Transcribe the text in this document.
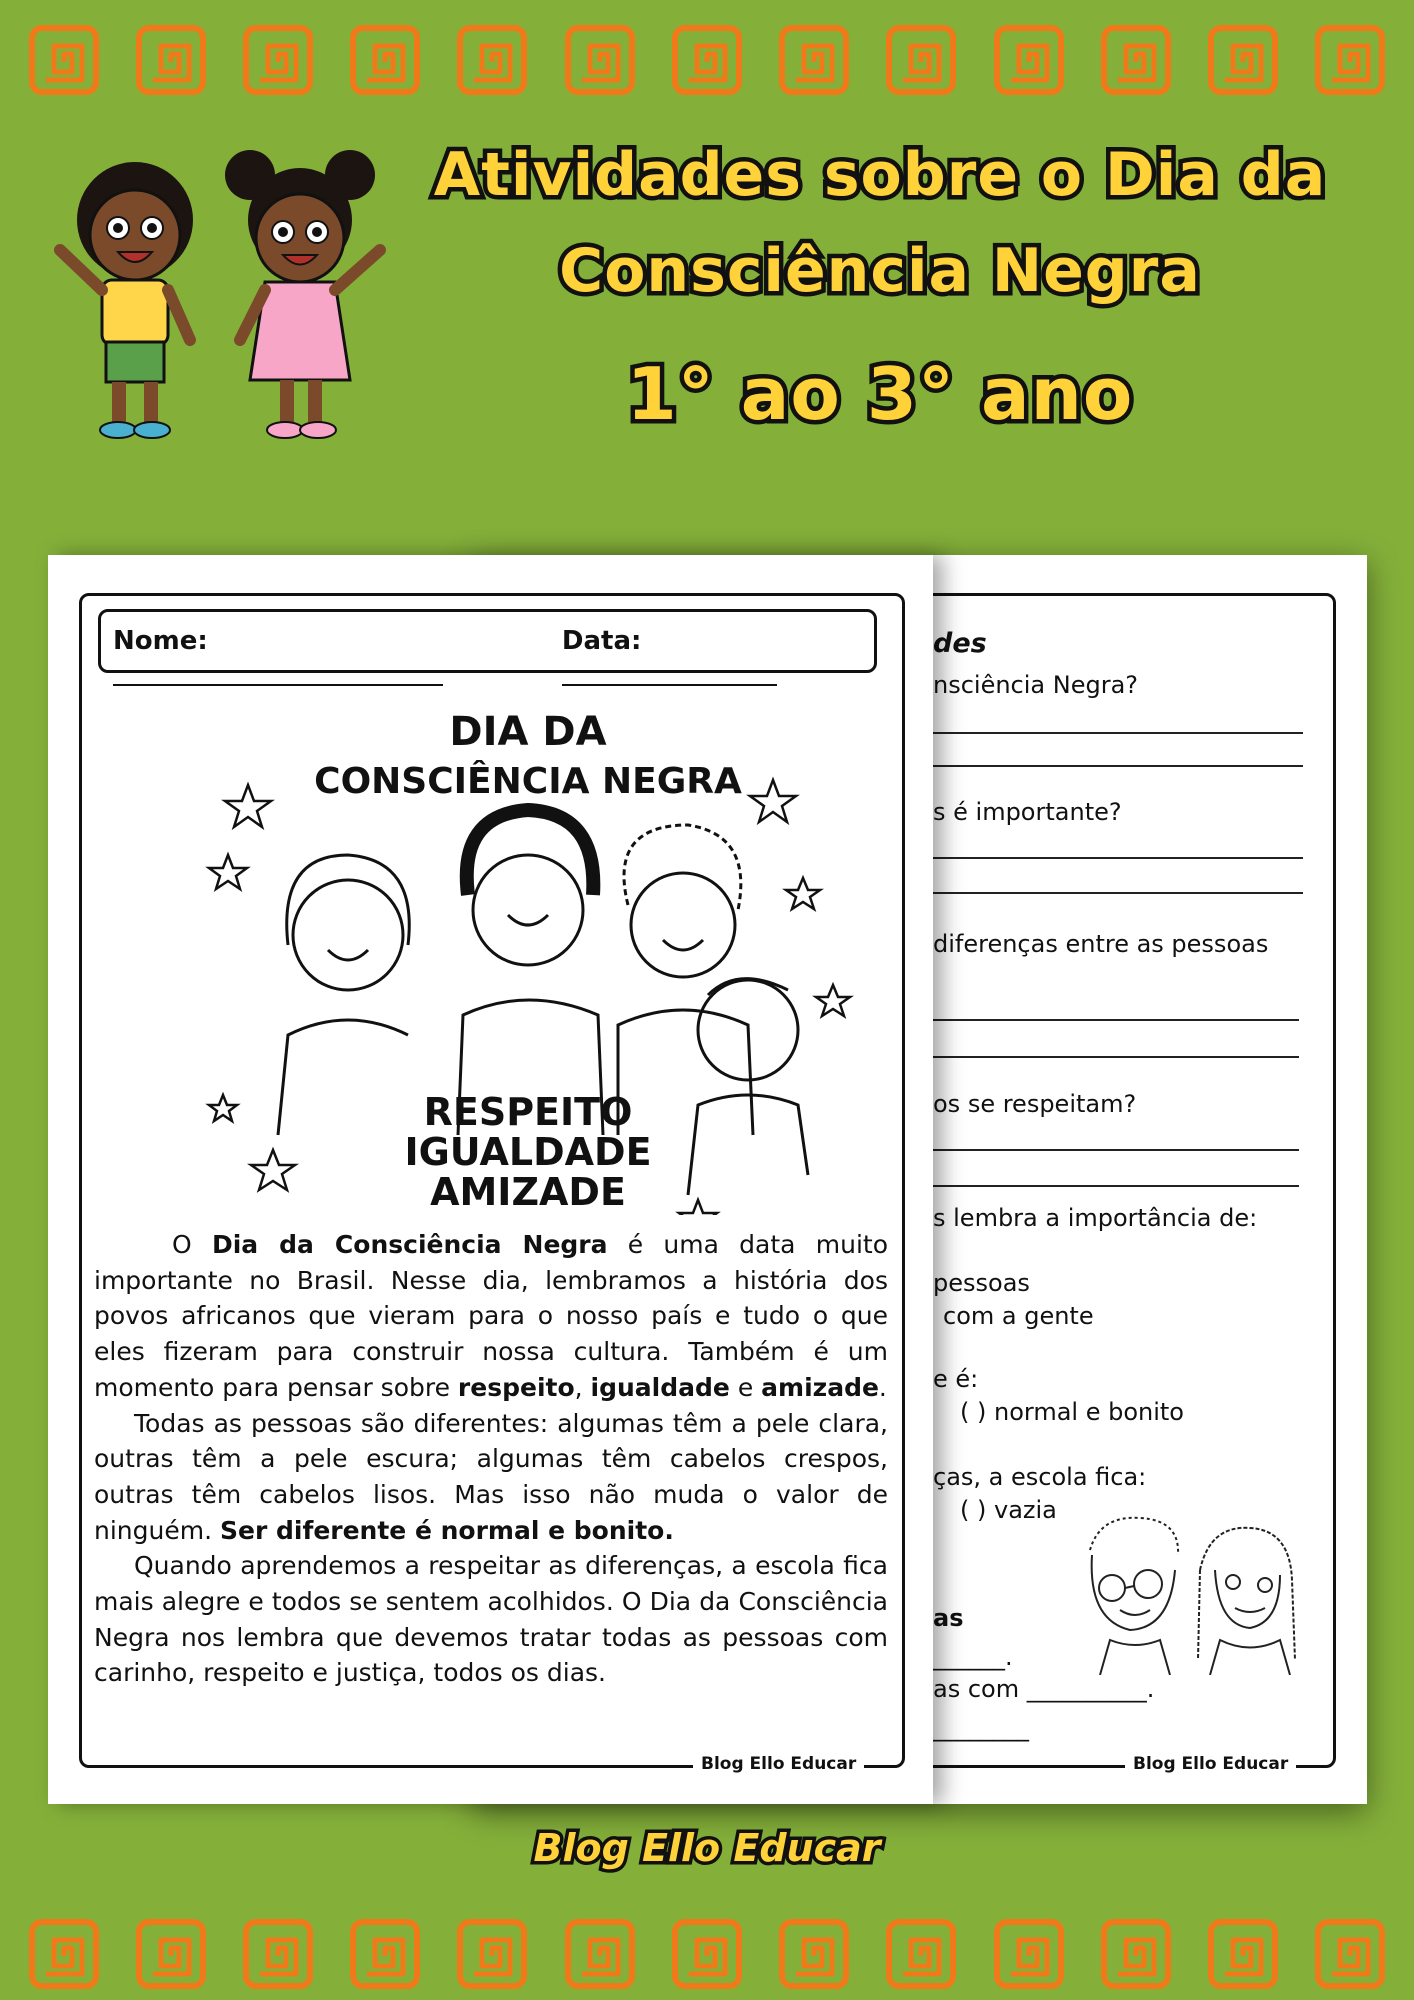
Atividades sobre o Dia da
Consciência Negra
1° ao 3° ano
des
nsciência Negra?
s é importante?
diferenças entre as pessoas
os se respeitam?
s lembra a importância de:
pessoas
com a gente
e é:
( ) normal e bonito
ças, a escola fica:
( ) vazia
as
______.
as com __________.
________
Blog Ello Educar
Nome:	Data:
DIA DA
CONSCIÊNCIA NEGRA
RESPEITO
IGUALDADE
AMIZADE

O Dia da Consciência Negra é uma data muito importante no Brasil. Nesse dia, lembramos a história dos povos africanos que vieram para o nosso país e tudo o que eles fizeram para construir nossa cultura. Também é um momento para pensar sobre respeito, igualdade e amizade.

Todas as pessoas são diferentes: algumas têm a pele clara, outras têm a pele escura; algumas têm cabelos crespos, outras têm cabelos lisos. Mas isso não muda o valor de ninguém. Ser diferente é normal e bonito.

Quando aprendemos a respeitar as diferenças, a escola fica mais alegre e todos se sentem acolhidos. O Dia da Consciência Negra nos lembra que devemos tratar todas as pessoas com carinho, respeito e justiça, todos os dias.

Blog Ello Educar
Blog Ello Educar
